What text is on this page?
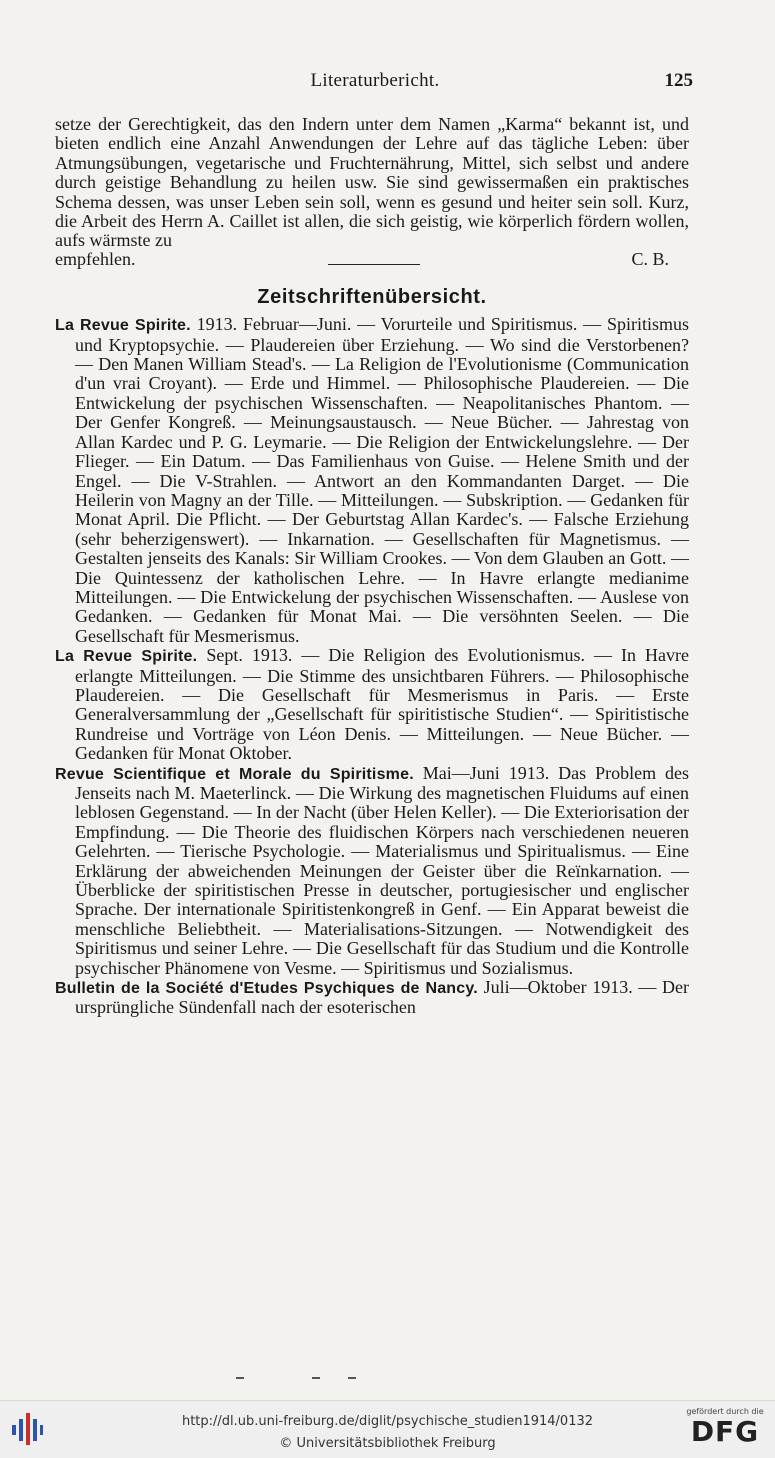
Literaturbericht.	125

setze der Gerechtigkeit, das den Indern unter dem Namen „Karma“ bekannt ist, und bieten endlich eine Anzahl Anwendungen der Lehre auf das tägliche Leben: über Atmungsübungen, vegetarische und Fruchternährung, Mittel, sich selbst und andere durch geistige Behandlung zu heilen usw. Sie sind gewissermaßen ein praktisches Schema dessen, was unser Leben sein soll, wenn es gesund und heiter sein soll. Kurz, die Arbeit des Herrn A. Caillet ist allen, die sich geistig, wie körperlich fördern wollen, aufs wärmste zu

empfehlen.	C. B.
Zeitschriftenübersicht.

La Revue Spirite. 1913. Februar—Juni. — Vorurteile und Spiritismus. — Spiritismus und Kryptopsychie. — Plaudereien über Erziehung. — Wo sind die Verstorbenen? — Den Manen William Stead's. — La Religion de l'Evolutionisme (Communication d'un vrai Croyant). — Erde und Himmel. — Philosophische Plaudereien. — Die Entwickelung der psychischen Wissenschaften. — Neapolitanisches Phantom. — Der Genfer Kongreß. — Meinungsaustausch. — Neue Bücher. — Jahrestag von Allan Kardec und P. G. Leymarie. — Die Religion der Entwickelungslehre. — Der Flieger. — Ein Datum. — Das Familienhaus von Guise. — Helene Smith und der Engel. — Die V-Strahlen. — Antwort an den Kommandanten Darget. — Die Heilerin von Magny an der Tille. — Mitteilungen. — Subskription. — Gedanken für Monat April. Die Pflicht. — Der Geburtstag Allan Kardec's. — Falsche Erziehung (sehr beherzigenswert). — Inkarnation. — Gesellschaften für Magnetismus. — Gestalten jenseits des Kanals: Sir William Crookes. — Von dem Glauben an Gott. — Die Quintessenz der katholischen Lehre. — In Havre erlangte medianime Mitteilungen. — Die Entwickelung der psychischen Wissenschaften. — Auslese von Gedanken. — Gedanken für Monat Mai. — Die versöhnten Seelen. — Die Gesellschaft für Mesmerismus.

La Revue Spirite. Sept. 1913. — Die Religion des Evolutionismus. — In Havre erlangte Mitteilungen. — Die Stimme des unsichtbaren Führers. — Philosophische Plaudereien. — Die Gesellschaft für Mesmerismus in Paris. — Erste Generalversammlung der „Gesellschaft für spiritistische Studien“. — Spiritistische Rundreise und Vorträge von Léon Denis. — Mitteilungen. — Neue Bücher. — Gedanken für Monat Oktober.

Revue Scientifique et Morale du Spiritisme. Mai—Juni 1913. Das Problem des Jenseits nach M. Maeterlinck. — Die Wirkung des magnetischen Fluidums auf einen leblosen Gegenstand. — In der Nacht (über Helen Keller). — Die Exteriorisation der Empfindung. — Die Theorie des fluidischen Körpers nach verschiedenen neueren Gelehrten. — Tierische Psychologie. — Materialismus und Spiritualismus. — Eine Erklärung der abweichenden Meinungen der Geister über die Reïnkarnation. — Überblicke der spiritistischen Presse in deutscher, portugiesischer und englischer Sprache. Der internationale Spiritistenkongreß in Genf. — Ein Apparat beweist die menschliche Beliebtheit. — Materialisations-Sitzungen. — Notwendigkeit des Spiritismus und seiner Lehre. — Die Gesellschaft für das Studium und die Kontrolle psychischer Phänomene von Vesme. — Spiritismus und Sozialismus.

Bulletin de la Société d'Etudes Psychiques de Nancy. Juli—Oktober 1913. — Der ursprüngliche Sündenfall nach der esoterischen

http://dl.ub.uni-freiburg.de/diglit/psychische_studien1914/0132
© Universitätsbibliothek Freiburg
gefördert durch die
DFG
